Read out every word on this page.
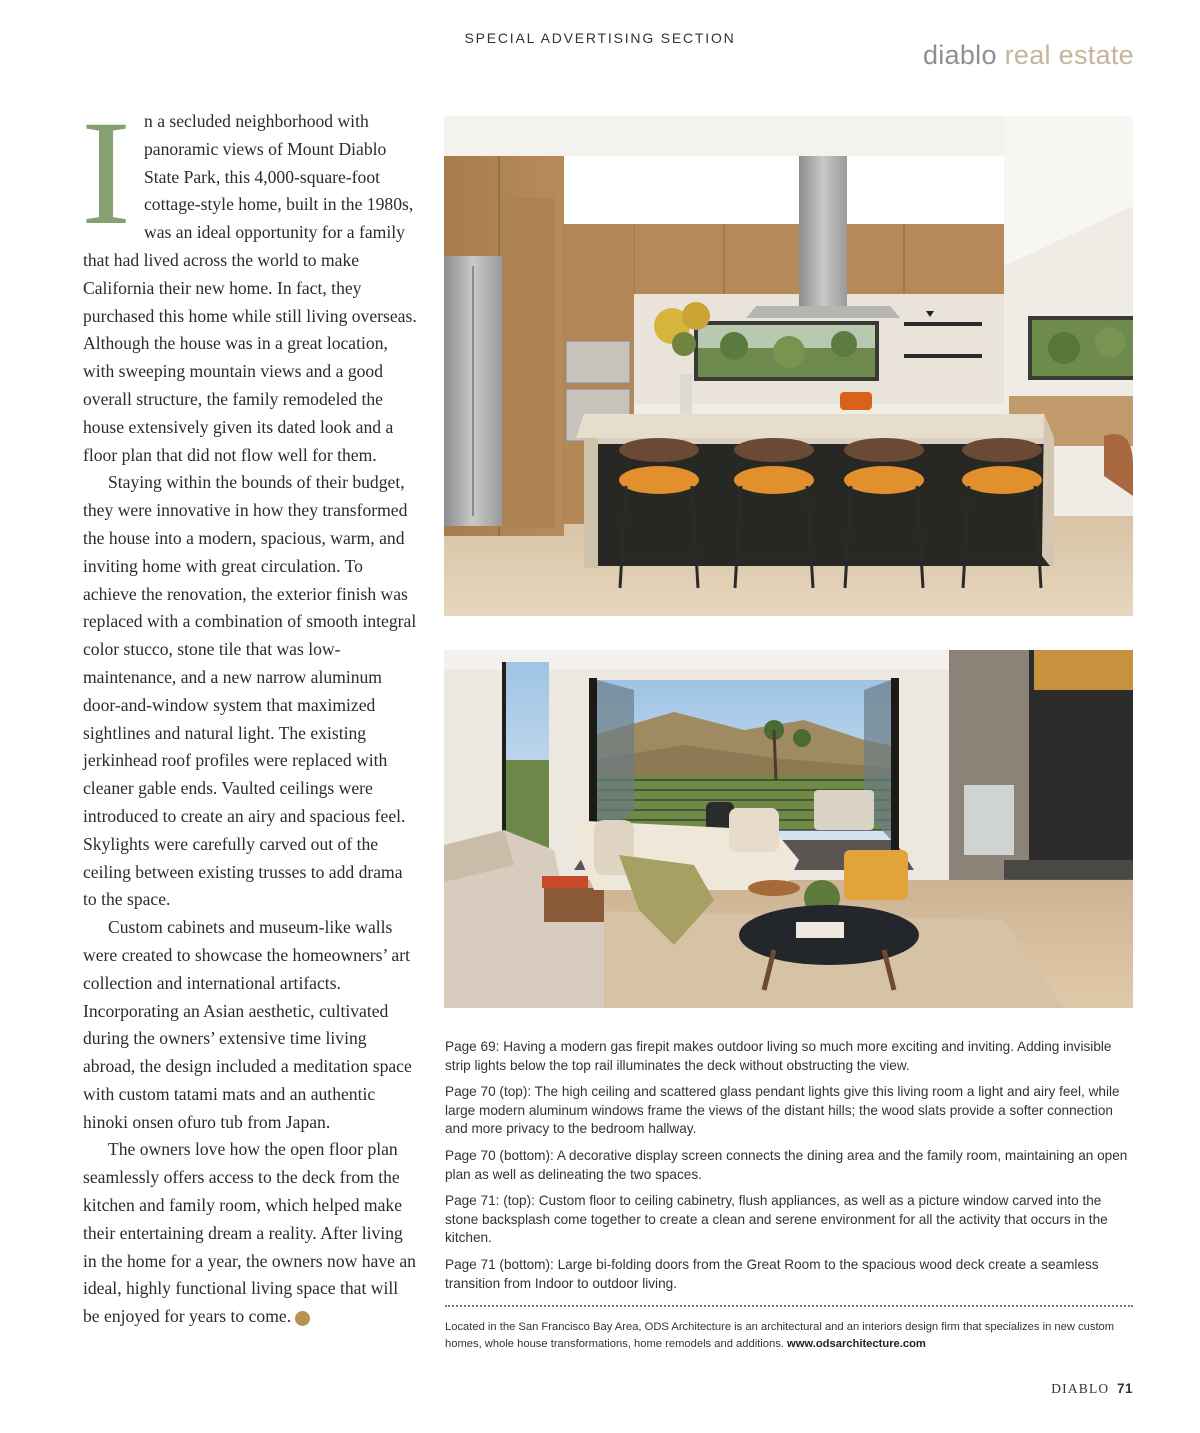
SPECIAL ADVERTISING SECTION
diablo real estate

In a secluded neighborhood with panoramic views of Mount Diablo State Park, this 4,000-square-foot cottage-style home, built in the 1980s, was an ideal opportunity for a family that had lived across the world to make California their new home. In fact, they purchased this home while still living overseas. Although the house was in a great location, with sweeping mountain views and a good overall structure, the family remodeled the house extensively given its dated look and a floor plan that did not flow well for them.

Staying within the bounds of their budget, they were innovative in how they transformed the house into a modern, spacious, warm, and inviting home with great circulation. To achieve the renovation, the exterior finish was replaced with a combination of smooth integral color stucco, stone tile that was low-maintenance, and a new narrow aluminum door-and-window system that maximized sightlines and natural light. The existing jerkinhead roof profiles were replaced with cleaner gable ends. Vaulted ceilings were introduced to create an airy and spacious feel. Skylights were carefully carved out of the ceiling between existing trusses to add drama to the space.

Custom cabinets and museum-like walls were created to showcase the homeowners’ art collection and international artifacts. Incorporating an Asian aesthetic, cultivated during the owners’ extensive time living abroad, the design included a meditation space with custom tatami mats and an authentic hinoki onsen ofuro tub from Japan.

The owners love how the open floor plan seamlessly offers access to the deck from the kitchen and family room, which helped make their entertaining dream a reality. After living in the home for a year, the owners now have an ideal, highly functional living space that will be enjoyed for years to come.	d

Page 69: Having a modern gas firepit makes outdoor living so much more exciting and inviting. Adding invisible strip lights below the top rail illuminates the deck without obstructing the view.

Page 70 (top): The high ceiling and scattered glass pendant lights give this living room a light and airy feel, while large modern aluminum windows frame the views of the distant hills; the wood slats provide a softer connection and more privacy to the bedroom hallway.

Page 70 (bottom): A decorative display screen connects the dining area and the family room, maintaining an open plan as well as delineating the two spaces.

Page 71: (top): Custom floor to ceiling cabinetry, flush appliances, as well as a picture window carved into the stone backsplash come together to create a clean and serene environment for all the activity that occurs in the kitchen.

Page 71 (bottom): Large bi-folding doors from the Great Room to the spacious wood deck create a seamless transition from Indoor to outdoor living.

Located in the San Francisco Bay Area, ODS Architecture is an architectural and an interiors design firm that specializes in new custom homes, whole house transformations, home remodels and additions. www.odsarchitecture.com
DIABLO 71
